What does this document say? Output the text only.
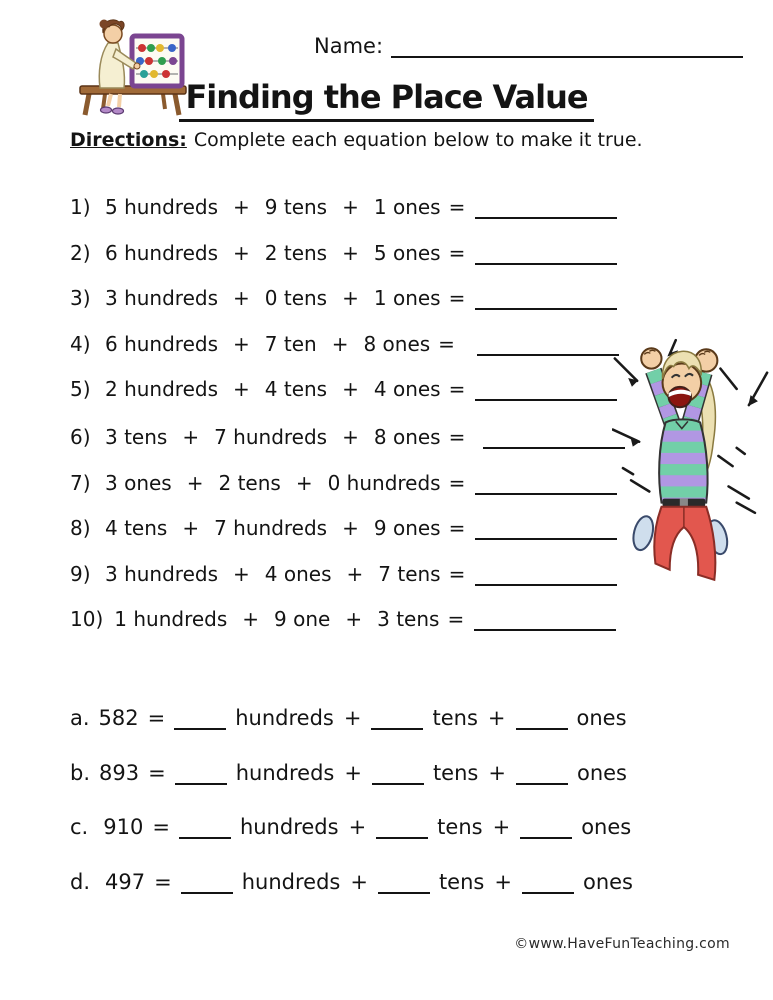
Name:
Finding the Place Value
Directions: Complete each equation below to make it true.
1) 5 hundreds + 9 tens + 1 ones =
2) 6 hundreds + 2 tens + 5 ones =
3) 3 hundreds + 0 tens + 1 ones =
4) 6 hundreds + 7 ten + 8 ones =
5) 2 hundreds + 4 tens + 4 ones =
6) 3 tens + 7 hundreds + 8 ones =
7) 3 ones + 2 tens + 0 hundreds =
8) 4 tens + 7 hundreds + 9 ones =
9) 3 hundreds + 4 ones + 7 tens =
10) 1 hundreds + 9 one + 3 tens =
a. 582 =	hundreds +	tens +	ones
b. 893 =	hundreds +	tens +	ones
c. 910 =	hundreds +	tens +	ones
d. 497 =	hundreds +	tens +	ones
©www.HaveFunTeaching.com
